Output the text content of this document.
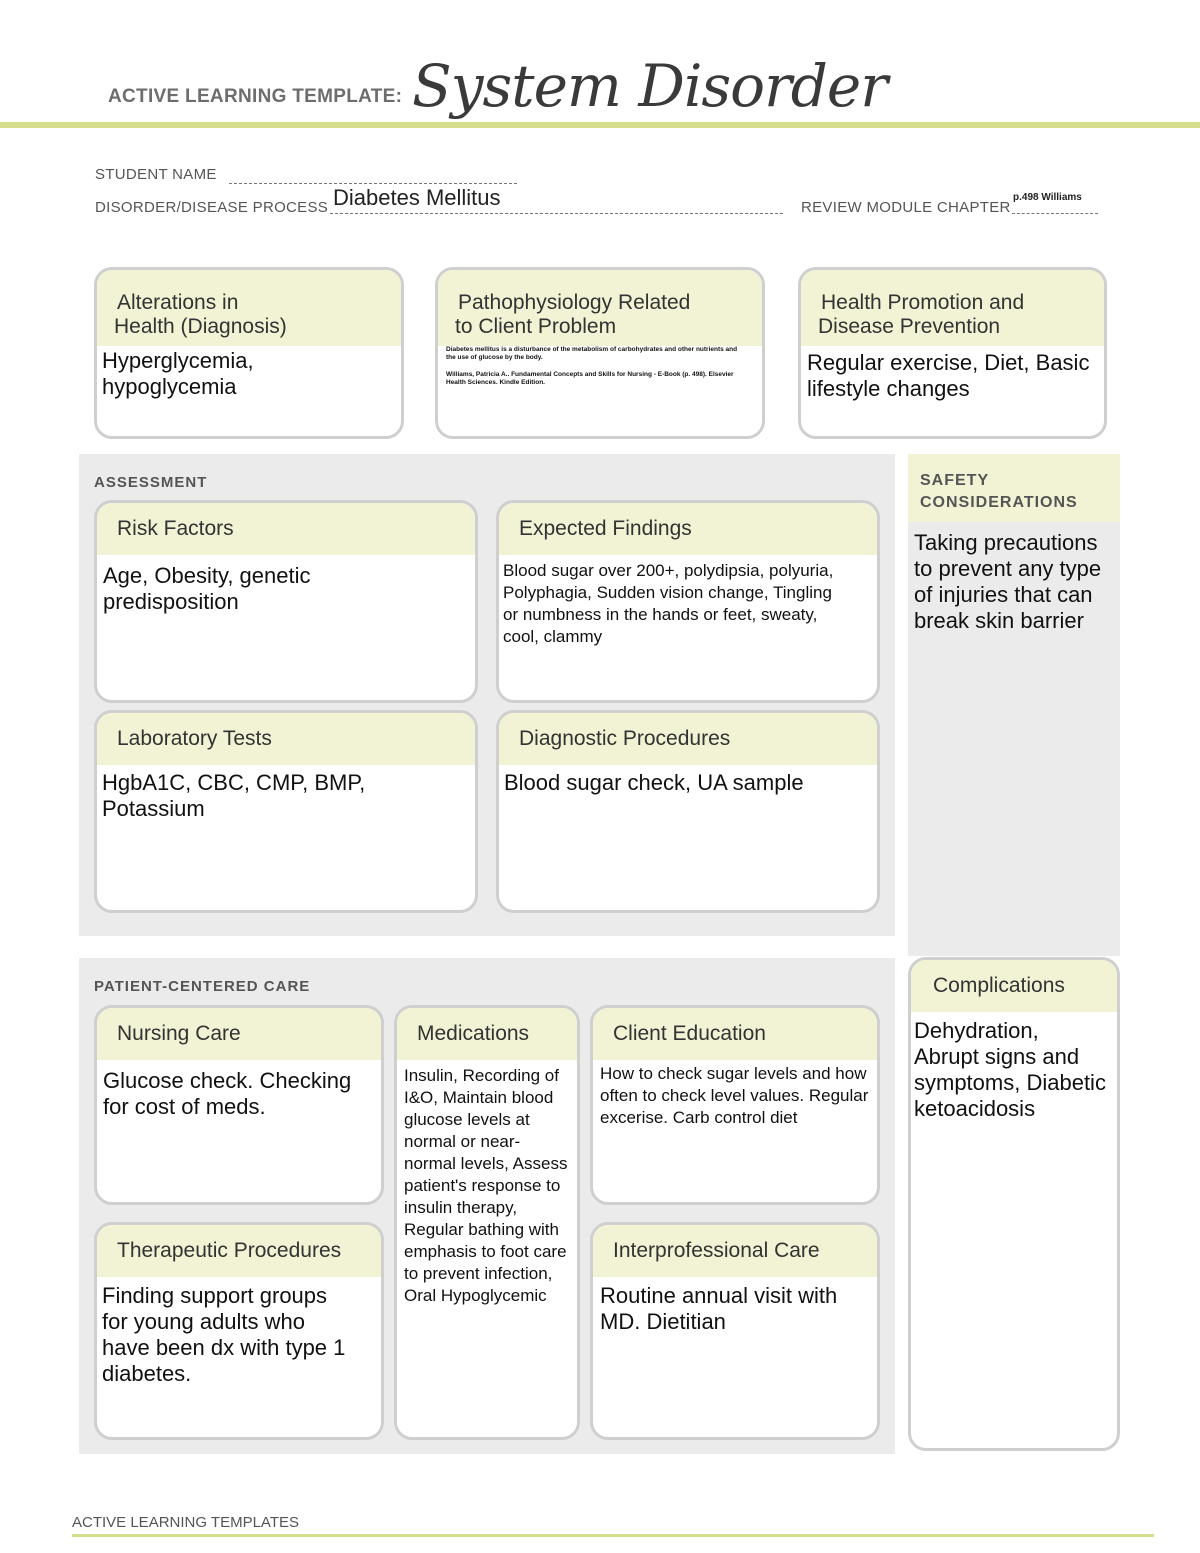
ACTIVE LEARNING TEMPLATE: System Disorder
STUDENT NAME
DISORDER/DISEASE PROCESS Diabetes Mellitus	REVIEW MODULE CHAPTER
p.498 Williams
Alterations in
Health (Diagnosis)
Hyperglycemia, hypoglycemia
Pathophysiology Related
to Client Problem
Diabetes mellitus is a disturbance of the metabolism of carbohydrates and other nutrients and the use of glucose by the body.
Williams, Patricia A.. Fundamental Concepts and Skills for Nursing - E-Book (p. 498). Elsevier Health Sciences. Kindle Edition.
Health Promotion and
Disease Prevention
Regular exercise, Diet, Basic lifestyle changes
ASSESSMENT
Risk Factors
Age, Obesity, genetic predisposition
Expected Findings
Blood sugar over 200+, polydipsia, polyuria, Polyphagia, Sudden vision change, Tingling or numbness in the hands or feet, sweaty, cool, clammy
Laboratory Tests
HgbA1C, CBC, CMP, BMP, Potassium
Diagnostic Procedures
Blood sugar check, UA sample
SAFETY
CONSIDERATIONS
Taking precautions to prevent any type of injuries that can break skin barrier
PATIENT-CENTERED CARE
Nursing Care
Glucose check. Checking for cost of meds.
Medications
Insulin, Recording of I&O, Maintain blood glucose levels at normal or near-normal levels, Assess patient's response to insulin therapy, Regular bathing with emphasis to foot care to prevent infection, Oral Hypoglycemic
Client Education
How to check sugar levels and how often to check level values. Regular excerise. Carb control diet
Therapeutic Procedures
Finding support groups for young adults who have been dx with type 1 diabetes.
Interprofessional Care
Routine annual visit with MD. Dietitian
Complications
Dehydration, Abrupt signs and symptoms, Diabetic ketoacidosis
ACTIVE LEARNING TEMPLATES
